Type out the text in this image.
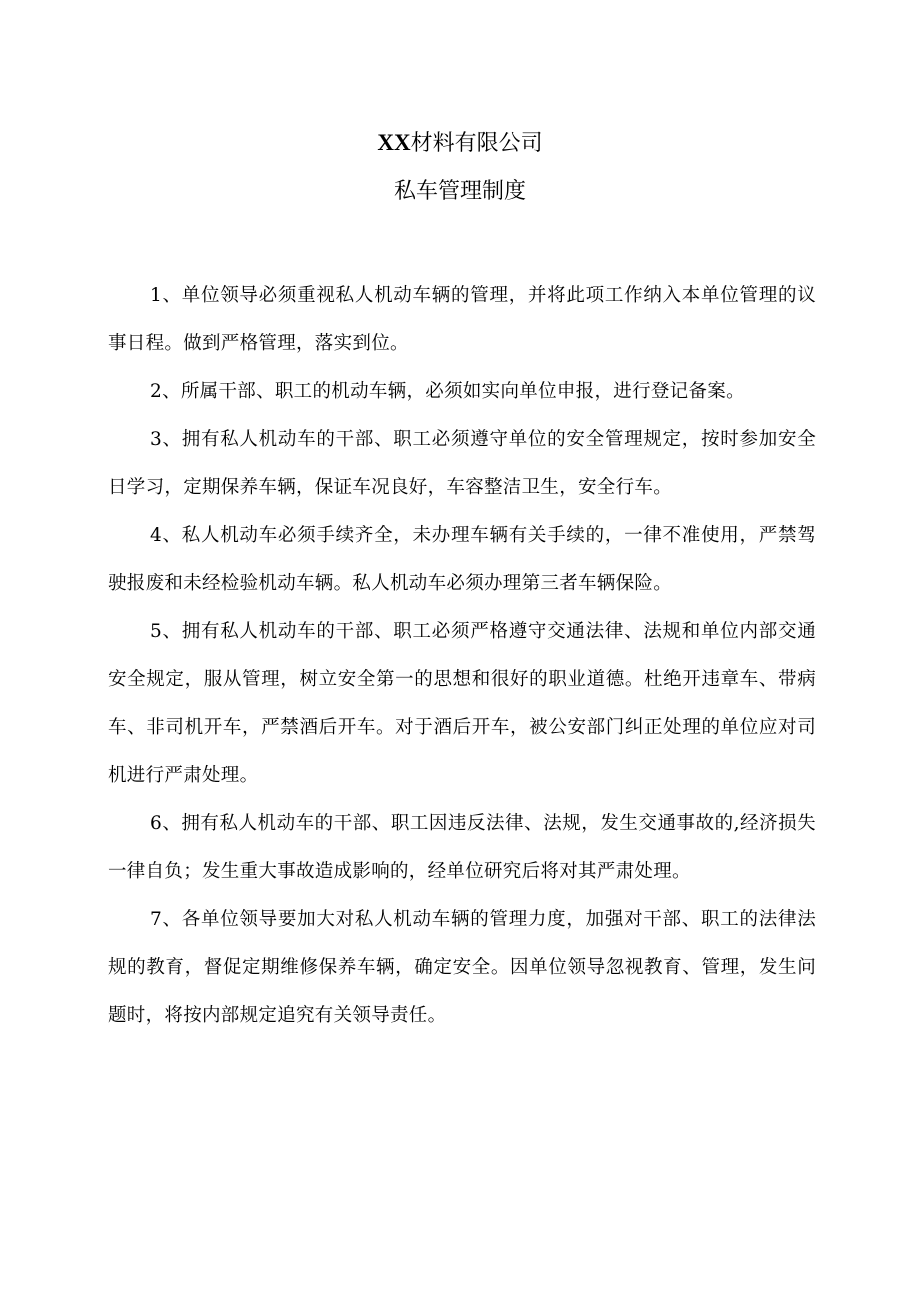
XX材料有限公司
私车管理制度

1、单位领导必须重视私人机动车辆的管理，并将此项工作纳入本单位管理的议事日程。做到严格管理，落实到位。

2、所属干部、职工的机动车辆，必须如实向单位申报，进行登记备案。

3、拥有私人机动车的干部、职工必须遵守单位的安全管理规定，按时参加安全日学习，定期保养车辆，保证车况良好，车容整洁卫生，安全行车。

4、私人机动车必须手续齐全，未办理车辆有关手续的，一律不准使用，严禁驾驶报废和未经检验机动车辆。私人机动车必须办理第三者车辆保险。

5、拥有私人机动车的干部、职工必须严格遵守交通法律、法规和单位内部交通安全规定，服从管理，树立安全第一的思想和很好的职业道德。杜绝开违章车、带病车、非司机开车，严禁酒后开车。对于酒后开车，被公安部门纠正处理的单位应对司机进行严肃处理。

6、拥有私人机动车的干部、职工因违反法律、法规，发生交通事故的,经济损失一律自负；发生重大事故造成影响的，经单位研究后将对其严肃处理。

7、各单位领导要加大对私人机动车辆的管理力度，加强对干部、职工的法律法规的教育，督促定期维修保养车辆，确定安全。因单位领导忽视教育、管理，发生问题时，将按内部规定追究有关领导责任。
